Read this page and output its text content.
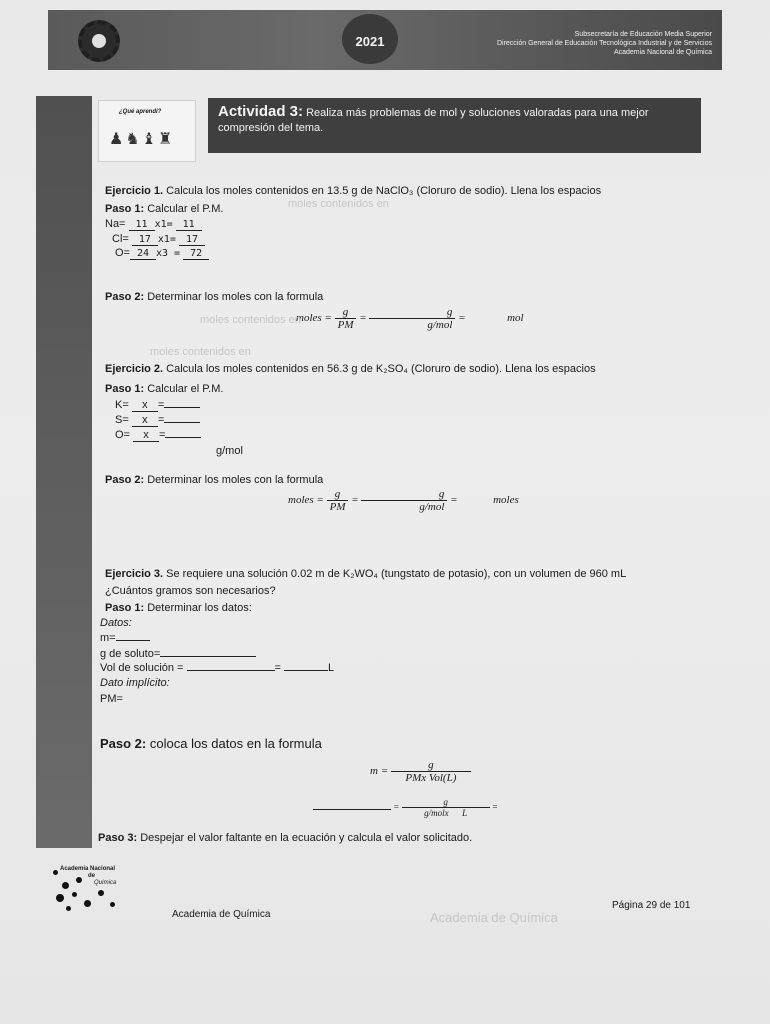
2021	Subsecretaría de Educación Media Superior
Dirección General de Educación Tecnológica Industrial y de Servicios
Academia Nacional de Química
¿Qué aprendí?
♟♞♝♜
Actividad 3: Realiza más problemas de mol y soluciones valoradas para una mejor compresión del tema.
Ejercicio 1. Calcula los moles contenidos en 13.5 g de NaClO₃ (Cloruro de sodio). Llena los espacios
Paso 1: Calcular el P.M.
Na= 11 x1= 11
Cl= 17 x1= 17
O= 24 x3 = 72
Paso 2: Determinar los moles con la formula
moles = $\frac{g}{PM} = \frac{g}{\text{g/mol}}$ =	mol
Ejercicio 2. Calcula los moles contenidos en 56.3 g de K₂SO₄ (Cloruro de sodio). Llena los espacios
Paso 1: Calcular el P.M.
K= x =
S= x =
O= x =
g/mol
Paso 2: Determinar los moles con la formula
moles = $\frac{g}{PM} = \frac{g}{\text{g/mol}}$ =	moles
Ejercicio 3. Se requiere una solución 0.02 m de K₂WO₄ (tungstato de potasio), con un volumen de 960 mL
¿Cuántos gramos son necesarios?
Paso 1: Determinar los datos:
Datos:
m=
g de soluto=
Vol de solución =	=	L
Dato implícito:
PM=
Paso 2: coloca los datos en la formula
$m = \frac{g}{\text{PMx Vol(L)}}$
= $\frac{g}{\text{g/molx L}}$ =
Paso 3: Despejar el valor faltante en la ecuación y calcula el valor solicitado.
Academia Nacional
de
Química
Academia de Química
Página 29 de 101
moles contenidos en
moles contenidos en
moles contenidos en
Academia de Química
